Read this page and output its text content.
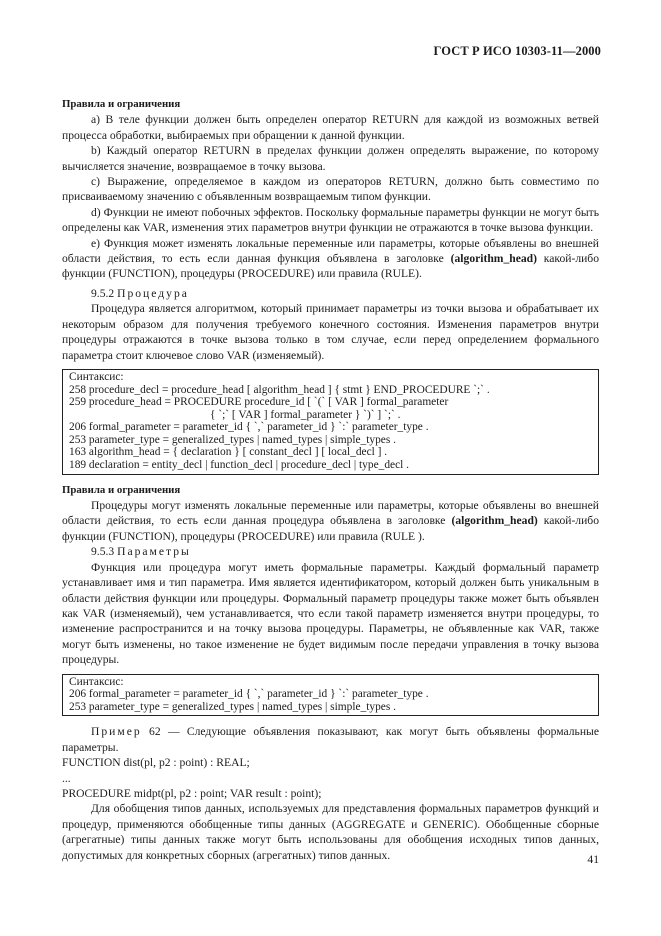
ГОСТ Р ИСО 10303-11—2000
Правила и ограничения

a) В теле функции должен быть определен оператор RETURN для каждой из возможных ветвей процесса обработки, выбираемых при обращении к данной функции.

b) Каждый оператор RETURN в пределах функции должен определять выражение, по которому вычисляется значение, возвращаемое в точку вызова.

c) Выражение, определяемое в каждом из операторов RETURN, должно быть совместимо по присваиваемому значению с объявленным возвращаемым типом функции.

d) Функции не имеют побочных эффектов. Поскольку формальные параметры функции не могут быть определены как VAR, изменения этих параметров внутри функции не отражаются в точке вызова функции.

e) Функция может изменять локальные переменные или параметры, которые объявлены во внешней области действия, то есть если данная функция объявлена в заголовке (algorithm_head) какой-либо функции (FUNCTION), процедуры (PROCEDURE) или правила (RULE).

9.5.2 Процедура

Процедура является алгоритмом, который принимает параметры из точки вызова и обрабатывает их некоторым образом для получения требуемого конечного состояния. Изменения параметров внутри процедуры отражаются в точке вызова только в том случае, если перед определением формального параметра стоит ключевое слово VAR (изменяемый).

Синтаксис:
258 procedure_decl = procedure_head [ algorithm_head ] { stmt } END_PROCEDURE `;` .
259 procedure_head = PROCEDURE procedure_id [ `(` [ VAR ] formal_parameter
{ `;` [ VAR ] formal_parameter } `)` ] `;` .
206 formal_parameter = parameter_id { `,` parameter_id } `:` parameter_type .
253 parameter_type = generalized_types | named_types | simple_types .
163 algorithm_head = { declaration } [ constant_decl ] [ local_decl ] .
189 declaration = entity_decl | function_decl | procedure_decl | type_decl .
Правила и ограничения

Процедуры могут изменять локальные переменные или параметры, которые объявлены во внешней области действия, то есть если данная процедура объявлена в заголовке (algorithm_head) какой-либо функции (FUNCTION), процедуры (PROCEDURE) или правила (RULE ).

9.5.3 Параметры

Функция или процедура могут иметь формальные параметры. Каждый формальный параметр устанавливает имя и тип параметра. Имя является идентификатором, который должен быть уникальным в области действия функции или процедуры. Формальный параметр процедуры также может быть объявлен как VAR (изменяемый), чем устанавливается, что если такой параметр изменяется внутри процедуры, то изменение распространится и на точку вызова процедуры. Параметры, не объявленные как VAR, также могут быть изменены, но такое изменение не будет видимым после передачи управления в точку вызова процедуры.

Синтаксис:
206 formal_parameter = parameter_id { `,` parameter_id } `:` parameter_type .
253 parameter_type = generalized_types | named_types | simple_types .

Пример 62 — Следующие объявления показывают, как могут быть объявлены формальные параметры.

FUNCTION dist(pl, p2 : point) : REAL;

...

PROCEDURE midpt(pl, p2 : point; VAR result : point);

Для обобщения типов данных, используемых для представления формальных параметров функций и процедур, применяются обобщенные типы данных (AGGREGATE и GENERIC). Обобщенные сборные (агрегатные) типы данных также могут быть использованы для обобщения исходных типов данных, допустимых для конкретных сборных (агрегатных) типов данных.	41
